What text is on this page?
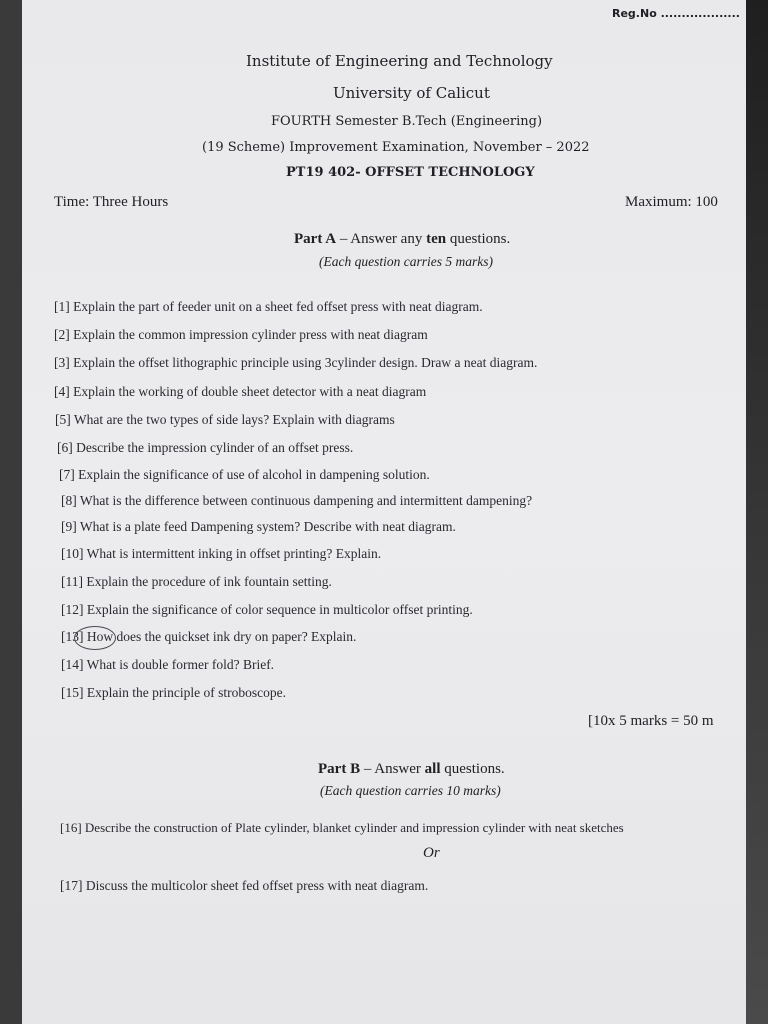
Reg.No ...................
Institute of Engineering and Technology
University of Calicut
FOURTH Semester B.Tech (Engineering)
(19 Scheme) Improvement Examination, November – 2022
PT19 402- OFFSET TECHNOLOGY
Time: Three Hours	Maximum: 100
Part A – Answer any ten questions.
(Each question carries 5 marks)
[1] Explain the part of feeder unit on a sheet fed offset press with neat diagram.
[2] Explain the common impression cylinder press with neat diagram
[3] Explain the offset lithographic principle using 3cylinder design. Draw a neat diagram.
[4] Explain the working of double sheet detector with a neat diagram
[5] What are the two types of side lays? Explain with diagrams
[6] Describe the impression cylinder of an offset press.
[7] Explain the significance of use of alcohol in dampening solution.
[8] What is the difference between continuous dampening and intermittent dampening?
[9] What is a plate feed Dampening system? Describe with neat diagram.
[10] What is intermittent inking in offset printing? Explain.
[11] Explain the procedure of ink fountain setting.
[12] Explain the significance of color sequence in multicolor offset printing.
[13] How does the quickset ink dry on paper? Explain.
[14] What is double former fold? Brief.
[15] Explain the principle of stroboscope.
[10x 5 marks = 50 m
Part B – Answer all questions.
(Each question carries 10 marks)
[16] Describe the construction of Plate cylinder, blanket cylinder and impression cylinder with neat sketches
Or
[17] Discuss the multicolor sheet fed offset press with neat diagram.
